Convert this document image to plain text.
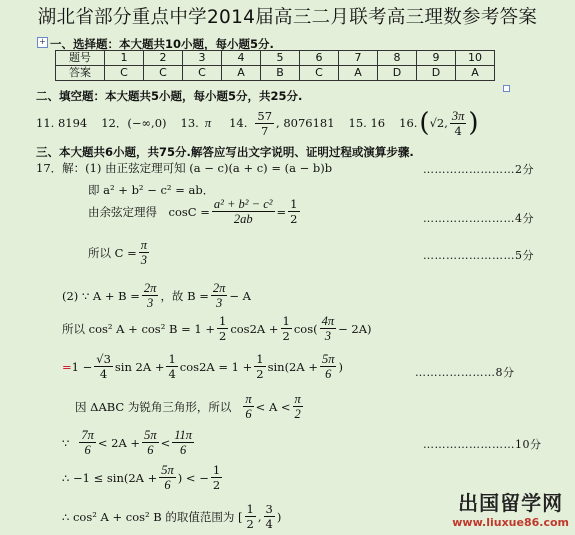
湖北省部分重点中学2014届高三二月联考高三理数参考答案
+ 一、选择题：本大题共10小题，每小题5分.
题号	1	2	3	4	5	6	7	8	9	10
答案	C	C	C	A	B	C	A	D	D	A
二、填空题：本大题共5小题，每小题5分，共25分.
11. 8194 12．(−∞,0) 13. π 14. $\frac{57}{7}$ , 8076181 15. 16 16. ( √2, $\frac{3\pi}{4}$ )
三、本大题共6小题，共75分.解答应写出文字说明、证明过程或演算步骤.
17．解：(1) 由正弦定理可知 (a − c)(a + c) = (a − b)b	……………………2分
即 a² + b² − c² = ab．
由余弦定理得　$\cos C = \frac{\text{a² + b² − c²}}{2ab} = \frac{1}{2}$	……………………4分
所以 $C = \frac{\pi}{3}$	……………………5分
(2) ∵ $A + B = \frac{2\pi}{3}$ ，故 $B = \frac{2\pi}{3} - A$
所以 cos² A + cos² $B = 1 + \frac{1}{2} \cos 2A + \frac{1}{2} \cos( \frac{4\pi}{3} - 2A)$
= $1 - \frac{√3}{4}$ $\sin 2A + \frac{1}{4} \cos 2A = 1 + \frac{1}{2} \sin(2A + \frac{5\pi}{6}$ )	…………………8分
因 ΔABC 为锐角三角形，所以 $\frac{\pi}{6} < A < \frac{\pi}{2}$
∵ $\frac{7\pi}{6} < 2A + \frac{5\pi}{6} < \frac{11\pi}{6}$	……………………10分
∴ $-1 \le \sin(2A + \frac{5\pi}{6}$ ) < − $\frac{1}{2}$
∴ cos² A + cos² B 的取值范围为 [ $\frac{1}{2}$ , $\frac{3}{4}$ )
出国留学网
www.liuxue86.com
